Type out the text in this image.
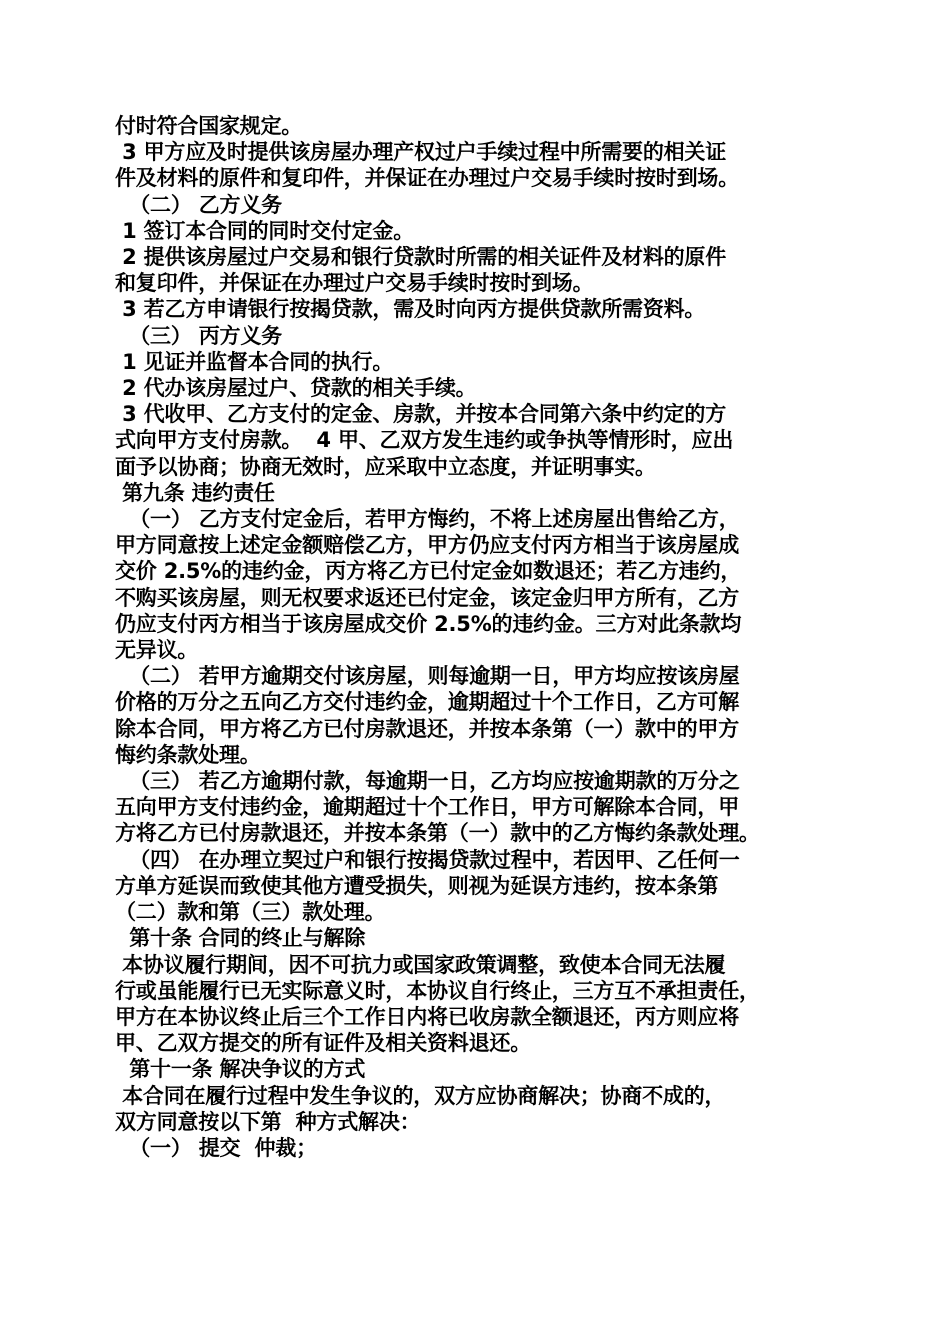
付时符合国家规定。
3 甲方应及时提供该房屋办理产权过户手续过程中所需要的相关证
件及材料的原件和复印件，并保证在办理过户交易手续时按时到场。
（二） 乙方义务
1 签订本合同的同时交付定金。
2 提供该房屋过户交易和银行贷款时所需的相关证件及材料的原件
和复印件，并保证在办理过户交易手续时按时到场。
3 若乙方申请银行按揭贷款，需及时向丙方提供贷款所需资料。
（三） 丙方义务
1 见证并监督本合同的执行。
2 代办该房屋过户、贷款的相关手续。
3 代收甲、乙方支付的定金、房款，并按本合同第六条中约定的方
式向甲方支付房款。  4 甲、乙双方发生违约或争执等情形时，应出
面予以协商；协商无效时，应采取中立态度，并证明事实。
第九条 违约责任
（一） 乙方支付定金后，若甲方悔约，不将上述房屋出售给乙方，
甲方同意按上述定金额赔偿乙方，甲方仍应支付丙方相当于该房屋成
交价 2.5%的违约金，丙方将乙方已付定金如数退还；若乙方违约，
不购买该房屋，则无权要求返还已付定金，该定金归甲方所有，乙方
仍应支付丙方相当于该房屋成交价 2.5%的违约金。三方对此条款均
无异议。
（二） 若甲方逾期交付该房屋，则每逾期一日，甲方均应按该房屋
价格的万分之五向乙方交付违约金，逾期超过十个工作日，乙方可解
除本合同，甲方将乙方已付房款退还，并按本条第（一）款中的甲方
悔约条款处理。
（三） 若乙方逾期付款，每逾期一日，乙方均应按逾期款的万分之
五向甲方支付违约金，逾期超过十个工作日，甲方可解除本合同，甲
方将乙方已付房款退还，并按本条第（一）款中的乙方悔约条款处理。
（四） 在办理立契过户和银行按揭贷款过程中，若因甲、乙任何一
方单方延误而致使其他方遭受损失，则视为延误方违约，按本条第
（二）款和第（三）款处理。
第十条 合同的终止与解除
本协议履行期间，因不可抗力或国家政策调整，致使本合同无法履
行或虽能履行已无实际意义时，本协议自行终止，三方互不承担责任，
甲方在本协议终止后三个工作日内将已收房款全额退还，丙方则应将
甲、乙双方提交的所有证件及相关资料退还。
第十一条 解决争议的方式
本合同在履行过程中发生争议的，双方应协商解决；协商不成的，
双方同意按以下第  种方式解决：
（一） 提交  仲裁；
